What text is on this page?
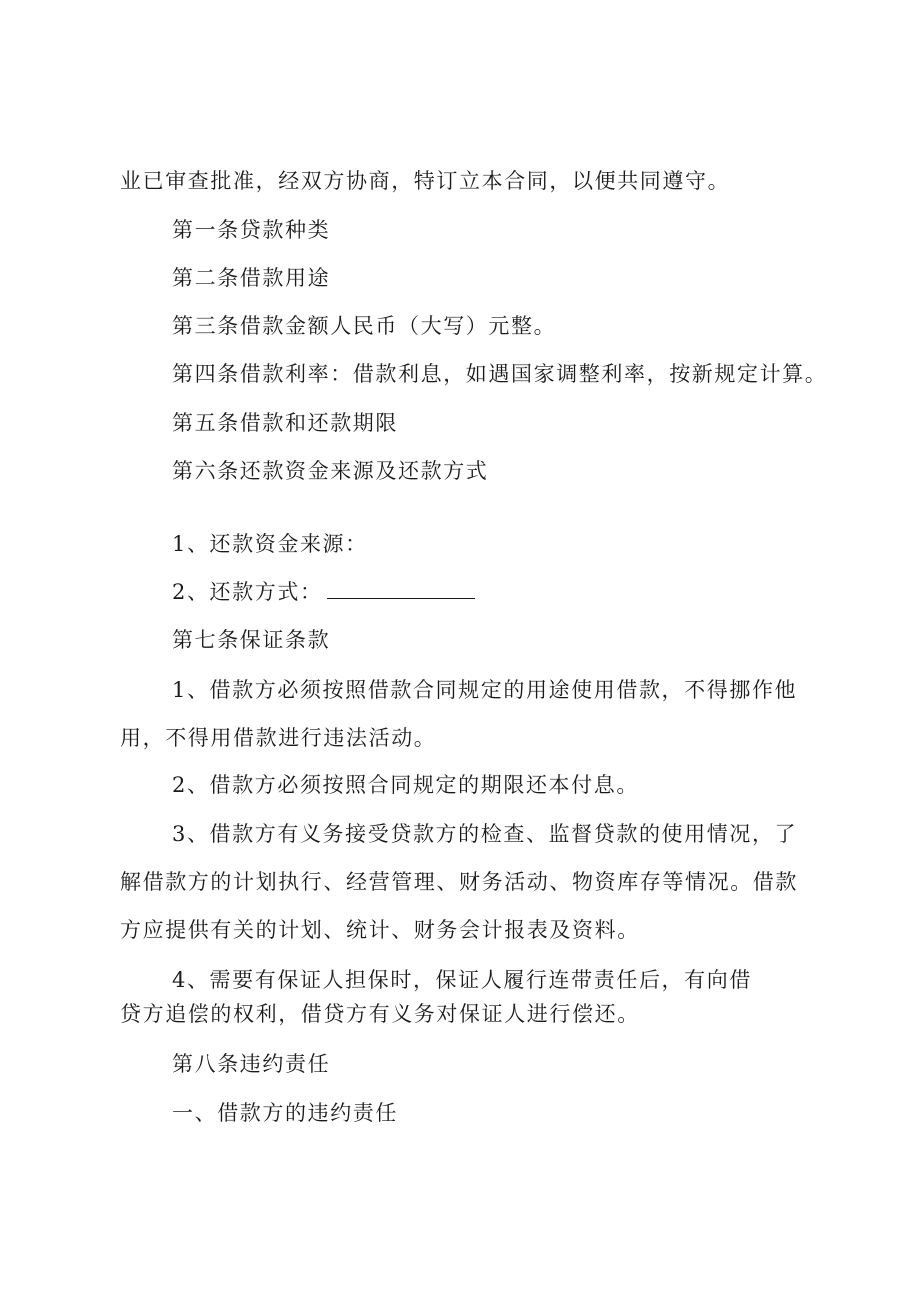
业已审查批准，经双方协商，特订立本合同，以便共同遵守。
第一条贷款种类
第二条借款用途
第三条借款金额人民币（大写）元整。
第四条借款利率：借款利息，如遇国家调整利率，按新规定计算。
第五条借款和还款期限
第六条还款资金来源及还款方式
1、还款资金来源：
2、还款方式：
第七条保证条款
1、借款方必须按照借款合同规定的用途使用借款，不得挪作他
用，不得用借款进行违法活动。
2、借款方必须按照合同规定的期限还本付息。
3、借款方有义务接受贷款方的检查、监督贷款的使用情况，了
解借款方的计划执行、经营管理、财务活动、物资库存等情况。借款
方应提供有关的计划、统计、财务会计报表及资料。
4、需要有保证人担保时，保证人履行连带责任后，有向借
贷方追偿的权利，借贷方有义务对保证人进行偿还。
第八条违约责任
一、借款方的违约责任
